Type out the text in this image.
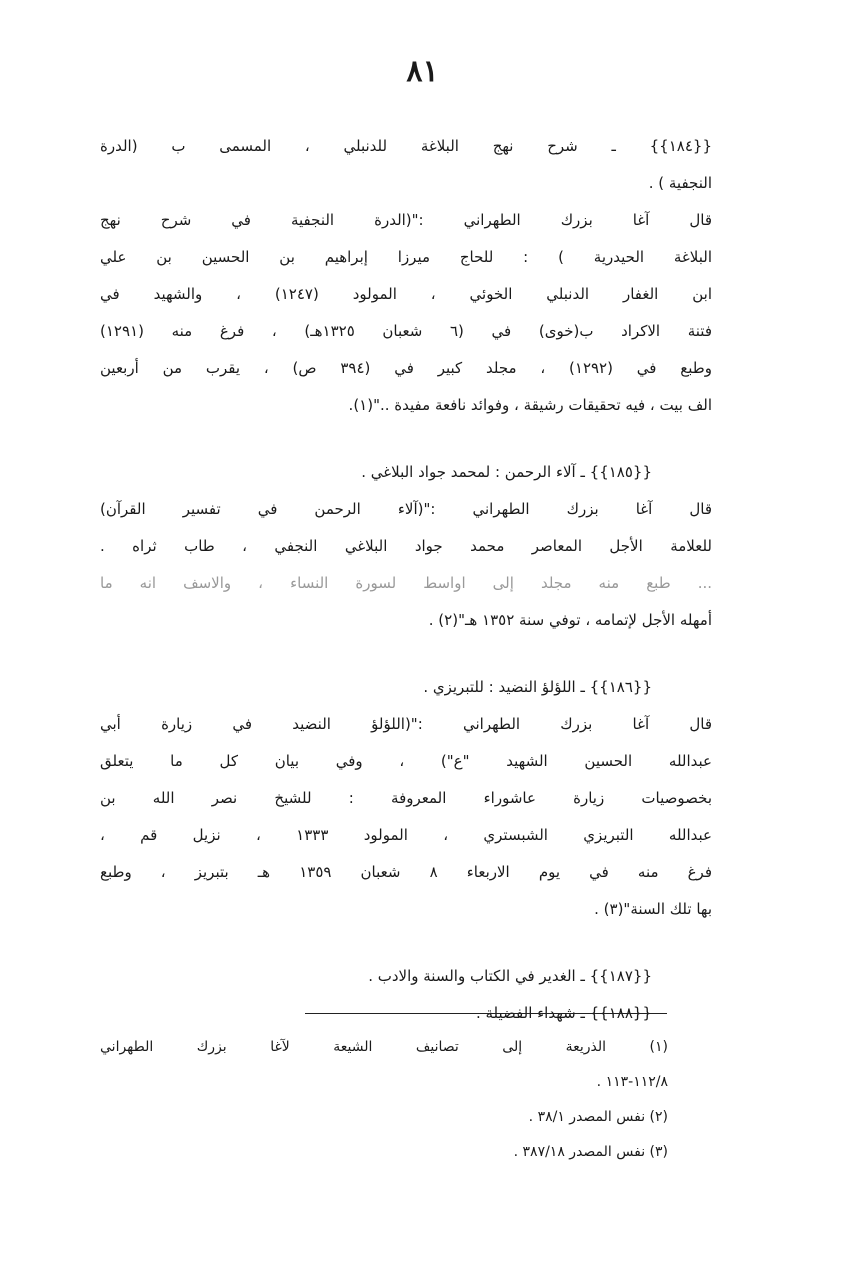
٨١
{{١٨٤}} ـ شرح نهج البلاغة للدنبلي ، المسمى ب (الدرة
النجفية ) .
قال آغا بزرك الطهراني :"(الدرة النجفية في شرح نهج
البلاغة الحيدرية ) : للحاج ميرزا إبراهيم بن الحسين بن علي
ابن الغفار الدنبلي الخوئي ، المولود (١٢٤٧) ، والشهيد في
فتنة الاكراد ب(خوى) في (٦ شعبان ١٣٢٥هـ) ، فرغ منه (١٢٩١)
وطبع في (١٢٩٢) ، مجلد كبير في (٣٩٤ ص) ، يقرب من أربعين
الف بيت ، فيه تحقيقات رشيقة ، وفوائد نافعة مفيدة .."(١).
{{١٨٥}} ـ آلاء الرحمن : لمحمد جواد البلاغي .
قال آغا بزرك الطهراني :"(آلاء الرحمن في تفسير القرآن)
للعلامة الأجل المعاصر محمد جواد البلاغي النجفي ، طاب ثراه .
... طبع منه مجلد إلى اواسط لسورة النساء ، والاسف انه ما
أمهله الأجل لإتمامه ، توفي سنة ١٣٥٢ هـ"(٢) .
{{١٨٦}} ـ اللؤلؤ النضيد : للتبريزي .
قال آغا بزرك الطهراني :"(اللؤلؤ النضيد في زيارة أبي
عبدالله الحسين الشهيد "ع") ، وفي بيان كل ما يتعلق
بخصوصيات زيارة عاشوراء المعروفة : للشيخ نصر الله بن
عبدالله التبريزي الشبستري ، المولود ١٣٣٣ ، نزيل قم ،
فرغ منه في يوم الاربعاء ٨ شعبان ١٣٥٩ هـ بتبريز ، وطبع
بها تلك السنة"(٣) .
{{١٨٧}} ـ الغدير في الكتاب والسنة والادب .
{{١٨٨}} ـ شهداء الفضيلة .
(١) الذريعة إلى تصانيف الشيعة لآغا بزرك الطهراني
١١٢/٨-١١٣ .
(٢) نفس المصدر ٣٨/١ .
(٣) نفس المصدر ٣٨٧/١٨ .
